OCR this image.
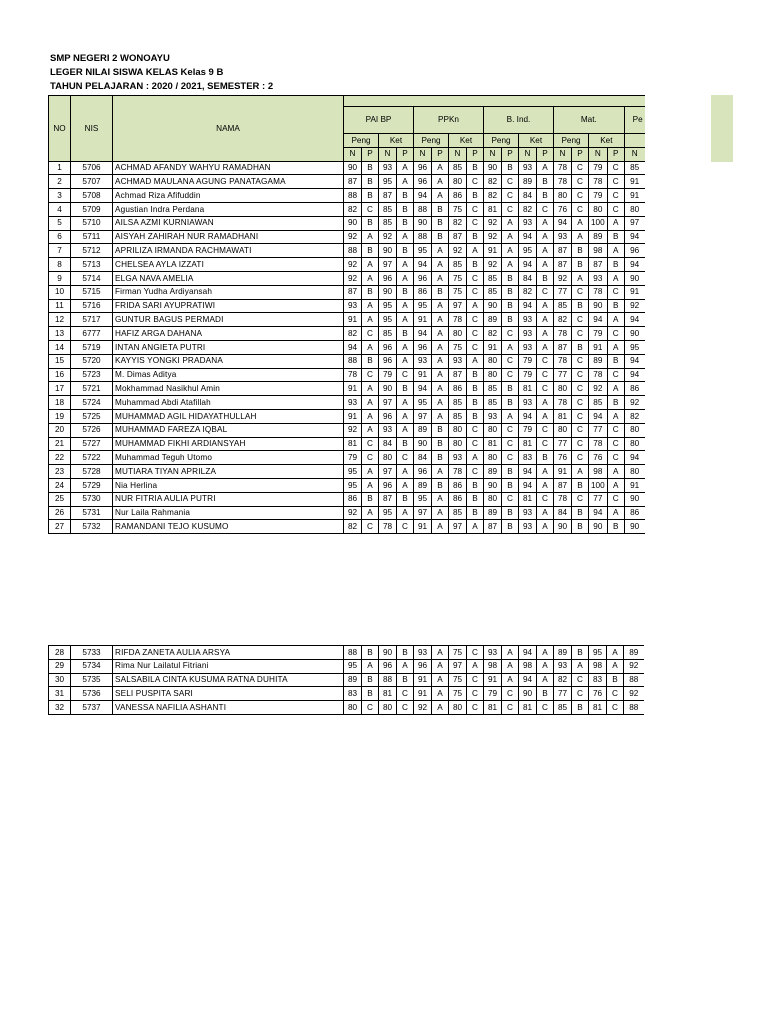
SMP NEGERI 2 WONOAYU
LEGER NILAI SISWA KELAS Kelas 9 B
TAHUN PELAJARAN : 2020 / 2021, SEMESTER : 2
NO	NIS	NAMA																	
			PAI BP				PPKn				B. Ind.				Mat.				Pe
			Peng		Ket		Peng		Ket		Peng		Ket		Peng		Ket		
			N	P	N	P	N	P	N	P	N	P	N	P	N	P	N	P	N
1	5706	ACHMAD AFANDY WAHYU RAMADHAN	90	B	93	A	96	A	85	B	90	B	93	A	78	C	79	C	85
2	5707	ACHMAD MAULANA AGUNG PANATAGAMA	87	B	95	A	96	A	80	C	82	C	89	B	78	C	78	C	91
3	5708	Achmad Riza Afifuddin	88	B	87	B	94	A	86	B	82	C	84	B	80	C	79	C	91
4	5709	Agustian Indra Perdana	82	C	85	B	88	B	75	C	81	C	82	C	76	C	80	C	80
5	5710	AILSA AZMI KURNIAWAN	90	B	85	B	90	B	82	C	92	A	93	A	94	A	100	A	97
6	5711	AISYAH ZAHIRAH NUR RAMADHANI	92	A	92	A	88	B	87	B	92	A	94	A	93	A	89	B	94
7	5712	APRILIZA IRMANDA RACHMAWATI	88	B	90	B	95	A	92	A	91	A	95	A	87	B	98	A	96
8	5713	CHELSEA AYLA IZZATI	92	A	97	A	94	A	85	B	92	A	94	A	87	B	87	B	94
9	5714	ELGA NAVA AMELIA	92	A	96	A	96	A	75	C	85	B	84	B	92	A	93	A	90
10	5715	Firman Yudha Ardiyansah	87	B	90	B	86	B	75	C	85	B	82	C	77	C	78	C	91
11	5716	FRIDA SARI AYUPRATIWI	93	A	95	A	95	A	97	A	90	B	94	A	85	B	90	B	92
12	5717	GUNTUR BAGUS PERMADI	91	A	95	A	91	A	78	C	89	B	93	A	82	C	94	A	94
13	6777	HAFIZ ARGA DAHANA	82	C	85	B	94	A	80	C	82	C	93	A	78	C	79	C	90
14	5719	INTAN ANGIETA PUTRI	94	A	96	A	96	A	75	C	91	A	93	A	87	B	91	A	95
15	5720	KAYYIS YONGKI PRADANA	88	B	96	A	93	A	93	A	80	C	79	C	78	C	89	B	94
16	5723	M. Dimas Aditya	78	C	79	C	91	A	87	B	80	C	79	C	77	C	78	C	94
17	5721	Mokhammad Nasikhul Amin	91	A	90	B	94	A	86	B	85	B	81	C	80	C	92	A	86
18	5724	Muhammad Abdi Atafillah	93	A	97	A	95	A	85	B	85	B	93	A	78	C	85	B	92
19	5725	MUHAMMAD AGIL HIDAYATHULLAH	91	A	96	A	97	A	85	B	93	A	94	A	81	C	94	A	82
20	5726	MUHAMMAD FAREZA IQBAL	92	A	93	A	89	B	80	C	80	C	79	C	80	C	77	C	80
21	5727	MUHAMMAD FIKHI ARDIANSYAH	81	C	84	B	90	B	80	C	81	C	81	C	77	C	78	C	80
22	5722	Muhammad Teguh Utomo	79	C	80	C	84	B	93	A	80	C	83	B	76	C	76	C	94
23	5728	MUTIARA TIYAN APRILZA	95	A	97	A	96	A	78	C	89	B	94	A	91	A	98	A	80
24	5729	Nia Herlina	95	A	96	A	89	B	86	B	90	B	94	A	87	B	100	A	91
25	5730	NUR FITRIA AULIA PUTRI	86	B	87	B	95	A	86	B	80	C	81	C	78	C	77	C	90
26	5731	Nur Laila Rahmania	92	A	95	A	97	A	85	B	89	B	93	A	84	B	94	A	86
27	5732	RAMANDANI TEJO KUSUMO	82	C	78	C	91	A	97	A	87	B	93	A	90	B	90	B	90
28	5733	RIFDA ZANETA AULIA ARSYA	88	B	90	B	93	A	75	C	93	A	94	A	89	B	95	A	89
29	5734	Rima Nur Lailatul Fitriani	95	A	96	A	96	A	97	A	98	A	98	A	93	A	98	A	92
30	5735	SALSABILA CINTA KUSUMA RATNA DUHITA	89	B	88	B	91	A	75	C	91	A	94	A	82	C	83	B	88
31	5736	SELI PUSPITA SARI	83	B	81	C	91	A	75	C	79	C	90	B	77	C	76	C	92
32	5737	VANESSA NAFILIA ASHANTI	80	C	80	C	92	A	80	C	81	C	81	C	85	B	81	C	88
